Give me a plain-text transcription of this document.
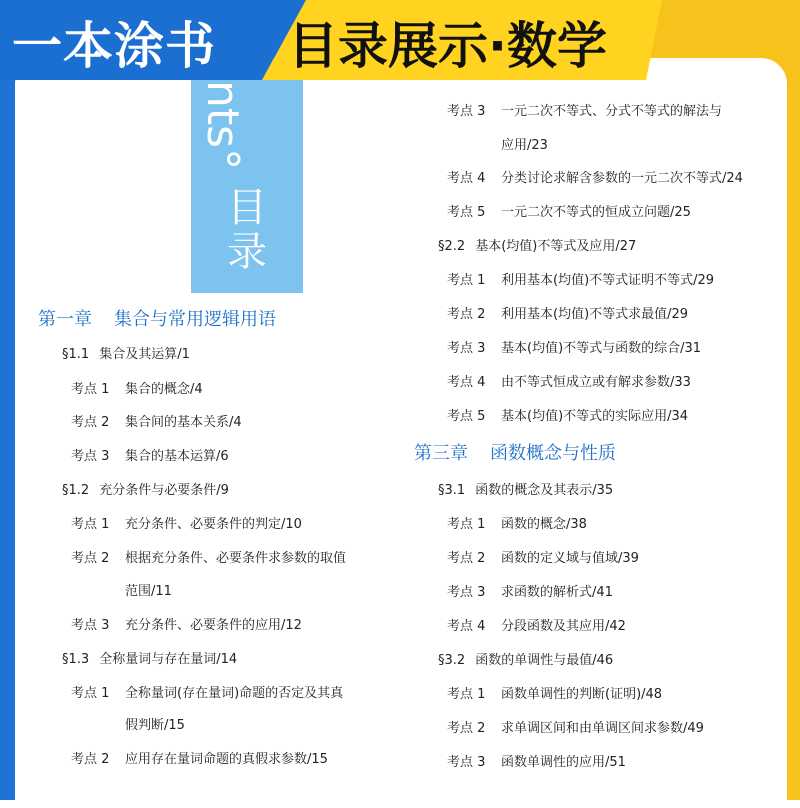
一本涂书 目录展示·数学
nts°
目录
第一章 集合与常用逻辑用语
§1.1 集合及其运算/1
考点 1 集合的概念/4
考点 2 集合间的基本关系/4
考点 3 集合的基本运算/6
§1.2 充分条件与必要条件/9
考点 1 充分条件、必要条件的判定/10
考点 2 根据充分条件、必要条件求参数的取值
范围/11
考点 3 充分条件、必要条件的应用/12
§1.3 全称量词与存在量词/14
考点 1 全称量词(存在量词)命题的否定及其真
假判断/15
考点 2 应用存在量词命题的真假求参数/15
考点 3 一元二次不等式、分式不等式的解法与
应用/23
考点 4 分类讨论求解含参数的一元二次不等式/24
考点 5 一元二次不等式的恒成立问题/25
§2.2 基本(均值)不等式及应用/27
考点 1 利用基本(均值)不等式证明不等式/29
考点 2 利用基本(均值)不等式求最值/29
考点 3 基本(均值)不等式与函数的综合/31
考点 4 由不等式恒成立或有解求参数/33
考点 5 基本(均值)不等式的实际应用/34
第三章 函数概念与性质
§3.1 函数的概念及其表示/35
考点 1 函数的概念/38
考点 2 函数的定义域与值域/39
考点 3 求函数的解析式/41
考点 4 分段函数及其应用/42
§3.2 函数的单调性与最值/46
考点 1 函数单调性的判断(证明)/48
考点 2 求单调区间和由单调区间求参数/49
考点 3 函数单调性的应用/51
